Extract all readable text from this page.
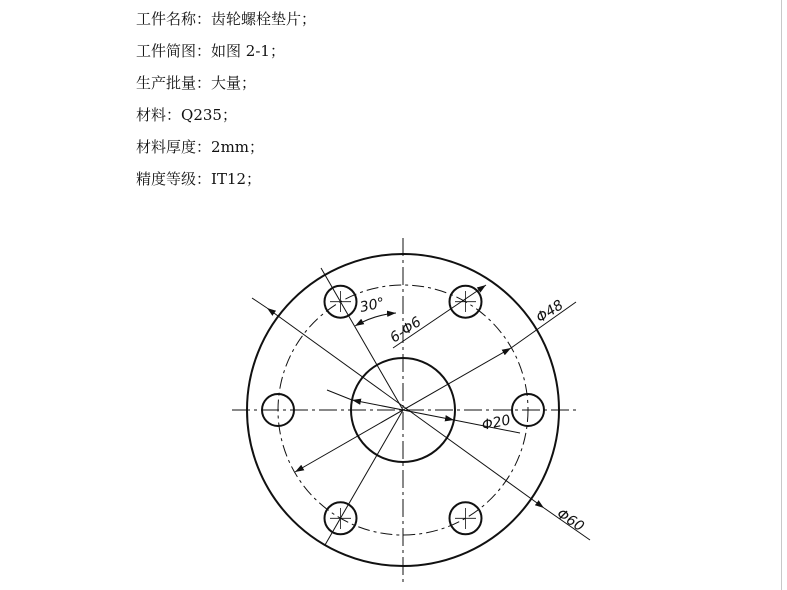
工件名称：齿轮螺栓垫片；
工件简图：如图 2-1；
生产批量：大量；
材料：Q235；
材料厚度：2mm；
精度等级：IT12；
30°
6-Φ6
Φ48
Φ20
Φ60
